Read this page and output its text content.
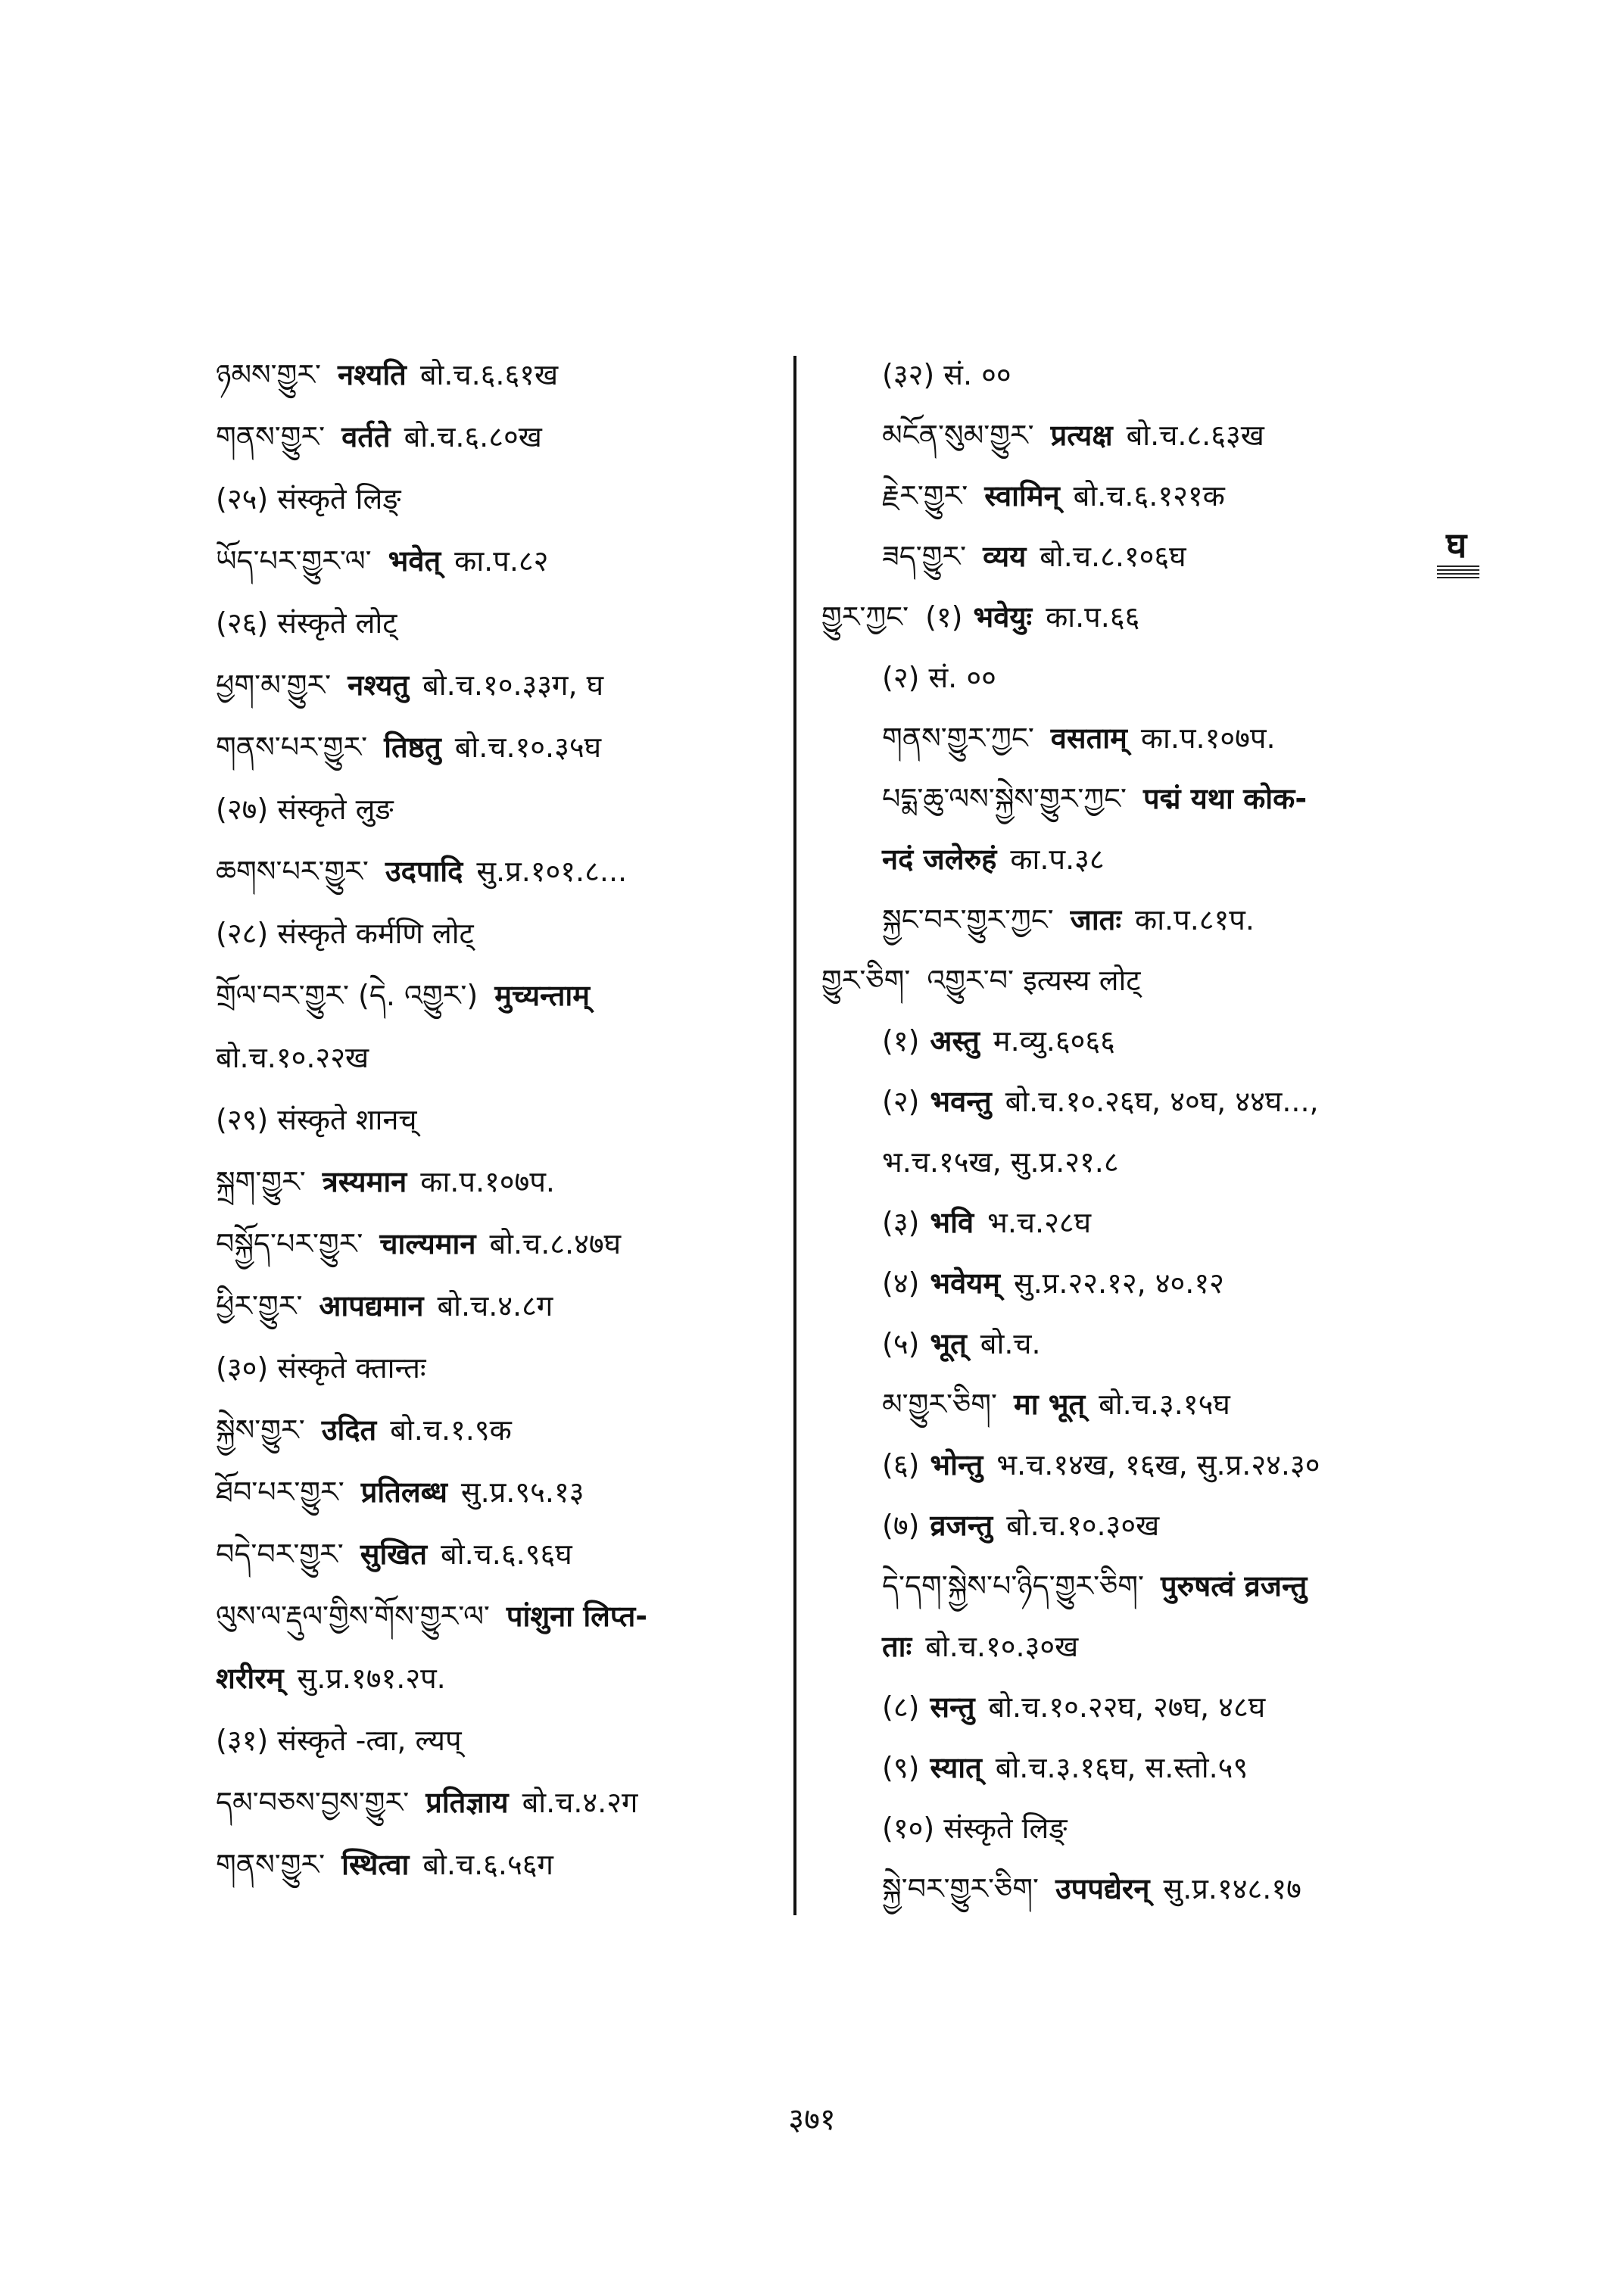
ཉམས་གྱུར་ नश्यति बो.च.६.६१ख
གནས་གྱུར་ वर्तते बो.च.६.८०ख
(२५) संस्कृते लिङ्
ཡོད་པར་གྱུར་ལ་ भवेत् का.प.८२
(२६) संस्कृते लोट्
ཕྱག་མ་གྱུར་ नश्यतु बो.च.१०.३३ग, घ
གནས་པར་གྱུར་ तिष्ठतु बो.च.१०.३५घ
(२७) संस्कृते लुङ
ཆགས་པར་གྱུར་ उदपादि सु.प्र.१०१.८...
(२८) संस्कृते कर्मणि लोट्
གྲོལ་བར་གྱུར་ (དེ. འགྱུར་) मुच्यन्ताम्
बो.च.१०.२२ख
(२९) संस्कृते शानच्
སྐྲག་གྱུར་ त्रस्यमान का.प.१०७प.
བསྐྱོད་པར་གྱུར་ चाल्यमान बो.च.८.४७घ
ཕྱིར་གྱུར་ आपद्यमान बो.च.४.८ग
(३०) संस्कृते क्तान्तः
སྐྱེས་གྱུར་ उदित बो.च.१.९क
ཐོབ་པར་གྱུར་ प्रतिलब्ध सु.प्र.९५.१३
བདེ་བར་གྱུར་ सुखित बो.च.६.९६घ
ལུས་ལ་རྡུལ་གྱིས་གོས་གྱུར་ལ་ पांशुना लिप्त-
शरीरम् सु.प्र.१७१.२प.
(३१) संस्कृते -त्वा, ल्यप्
དམ་བཅས་བྱས་གྱུར་ प्रतिज्ञाय बो.च.४.२ग
གནས་གྱུར་ स्थित्वा बो.च.६.५६ग
(३२) सं. ००
མངོན་སུམ་གྱུར་ प्रत्यक्ष बो.च.८.६३ख
རྗེར་གྱུར་ स्वामिन् बो.च.६.१२१क
ཟད་གྱུར་ व्यय बो.च.८.१०६घ
གྱུར་ཀྱང་ (१) भवेयुः का.प.६६
(२) सं. ००
གནས་གྱུར་ཀྱང་ वसताम् का.प.१०७प.
པདྨ་ཆུ་ལས་སྐྱེས་གྱུར་ཀྱང་ पद्मं यथा कोक-
नदं जलेरुहं का.प.३८
སྐྱང་བར་གྱུར་ཀྱང་ जातः का.प.८१प.
གྱུར་ཅིག་ འགྱུར་བ་ इत्यस्य लोट्
(१) अस्तु म.व्यु.६०६६
(२) भवन्तु बो.च.१०.२६घ, ४०घ, ४४घ...,
भ.च.१५ख, सु.प्र.२१.८
(३) भवि भ.च.२८घ
(४) भवेयम् सु.प्र.२२.१२, ४०.१२
(५) भूत् बो.च.
མ་གྱུར་ཅིག་ मा भूत् बो.च.३.१५घ
(६) भोन्तु भ.च.१४ख, १६ख, सु.प्र.२४.३०
(७) व्रजन्तु बो.च.१०.३०ख
དེ་དག་སྐྱེས་པ་ཉིད་གྱུར་ཅིག་ पुरुषत्वं व्रजन्तु
ताः बो.च.१०.३०ख
(८) सन्तु बो.च.१०.२२घ, २७घ, ४८घ
(९) स्यात् बो.च.३.१६घ, स.स्तो.५९
(१०) संस्कृते लिङ्
སྐྱེ་བར་གྱུར་ཅིག་ उपपद्येरन् सु.प्र.१४८.१७
घ
३७१
